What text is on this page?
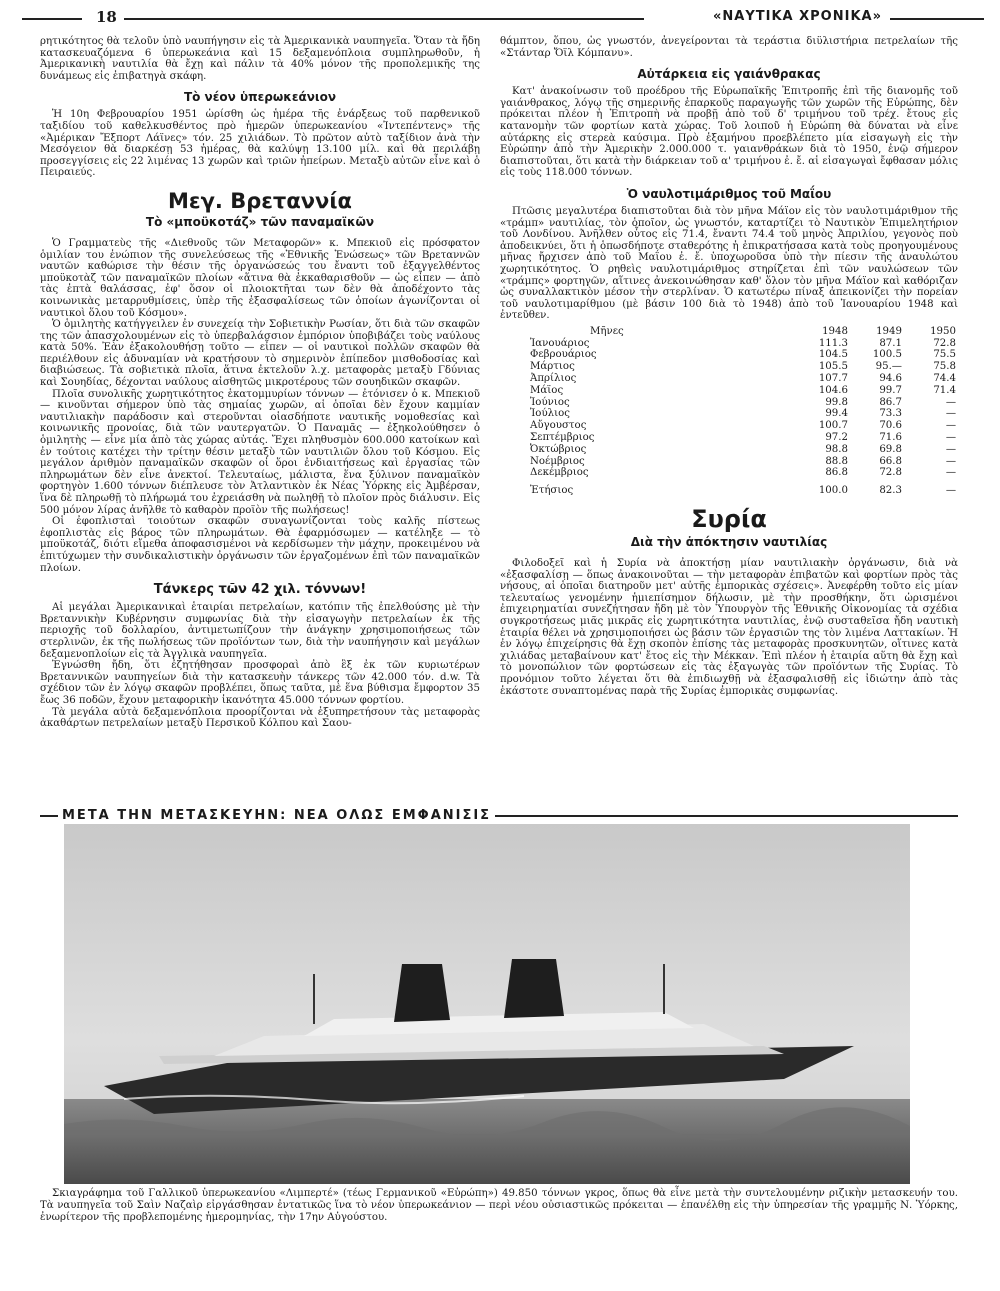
18	«ΝΑΥΤΙΚΑ ΧΡΟΝΙΚΑ»

ρητικότητος θὰ τελοῦν ὑπὸ ναυπήγησιν εἰς τὰ Ἀμερικανικὰ ναυπηγεῖα. Ὅταν τὰ ἤδη κατασκευαζόμενα 6 ὑπερωκεάνια καὶ 15 δεξαμενόπλοια συμπληρωθοῦν, ἡ Ἀμερικανικὴ ναυτιλία θὰ ἔχῃ καὶ πάλιν τὰ 40% μόνον τῆς προπολεμικῆς της δυνάμεως εἰς ἐπιβατηγὰ σκάφη.

Τὸ νέον ὑπερωκεάνιον

Ἡ 10η Φεβρουαρίου 1951 ὡρίσθη ὡς ἡμέρα τῆς ἐνάρξεως τοῦ παρθενικοῦ ταξιδίου τοῦ καθελκυσθέντος πρὸ ἡμερῶν ὑπερωκεανίου «Ἰντεπέντενς» τῆς «Ἀμέρικαν Ἔξπορτ Λάϊνες» τόν. 25 χιλιάδων. Τὸ πρῶτον αὐτὸ ταξίδιον ἀνὰ τὴν Μεσόγειον θὰ διαρκέσῃ 53 ἡμέρας, θὰ καλύψῃ 13.100 μίλ. καὶ θὰ περιλάβῃ προσεγγίσεις εἰς 22 λιμένας 13 χωρῶν καὶ τριῶν ἠπείρων. Μεταξὺ αὐτῶν εἶνε καὶ ὁ Πειραιεύς.

Μεγ. Βρεταννία
Τὸ «μποϋκοτάζ» τῶν παναμαϊκῶν

Ὁ Γραμματεὺς τῆς «Διεθνοῦς τῶν Μεταφορῶν» κ. Μπεκιοῦ εἰς πρόσφατον ὁμιλίαν του ἐνώπιον τῆς συνελεύσεως τῆς «Ἐθνικῆς Ἑνώσεως» τῶν Βρεταννῶν ναυτῶν καθώρισε τὴν θέσιν τῆς ὀργανώσεώς του ἔναντι τοῦ ἐξαγγελθέντος μποϋκοτὰζ τῶν παναμαϊκῶν πλοίων «ἅτινα θὰ ἐκκαθαρισθοῦν — ὡς εἶπεν — ἀπὸ τὰς ἑπτὰ θαλάσσας, ἐφ' ὅσον οἱ πλοιοκτῆται των δὲν θὰ ἀποδέχοντο τὰς κοινωνικὰς μεταρρυθμίσεις, ὑπὲρ τῆς ἐξασφαλίσεως τῶν ὁποίων ἀγωνίζονται οἱ ναυτικοὶ ὅλου τοῦ Κόσμου».

Ὁ ὁμιλητὴς κατήγγειλεν ἐν συνεχείᾳ τὴν Σοβιετικὴν Ρωσίαν, ὅτι διὰ τῶν σκαφῶν της τῶν ἀπασχολουμένων εἰς τὸ ὑπερβαλάσσιον ἐμπόριον ὑποβιβάζει τοὺς ναύλους κατὰ 50%. Ἐὰν ἐξακολουθήσῃ τοῦτο — εἶπεν — οἱ ναυτικοὶ πολλῶν σκαφῶν θὰ περιέλθουν εἰς ἀδυναμίαν νὰ κρατήσουν τὸ σημερινὸν ἐπίπεδον μισθοδοσίας καὶ διαβιώσεως. Τὰ σοβιετικὰ πλοῖα, ἅτινα ἐκτελοῦν λ.χ. μεταφορὰς μεταξὺ Γδύνιας καὶ Σουηδίας, δέχονται ναύλους αἰσθητῶς μικροτέρους τῶν σουηδικῶν σκαφῶν.

Πλοῖα συνολικῆς χωρητικότητος ἑκατομμυρίων τόννων — ἐτόνισεν ὁ κ. Μπεκιοῦ — κινοῦνται σήμερον ὑπὸ τὰς σημαίας χωρῶν, αἱ ὁποῖαι δὲν ἔχουν καμμίαν ναυτιλιακὴν παράδοσιν καὶ στεροῦνται οἱασδήποτε ναυτικῆς νομοθεσίας καὶ κοινωνικῆς προνοίας, διὰ τῶν ναυτεργατῶν. Ὁ Παναμᾶς — ἐξηκολούθησεν ὁ ὁμιλητὴς — εἶνε μία ἀπὸ τὰς χώρας αὐτάς. Ἔχει πληθυσμὸν 600.000 κατοίκων καὶ ἐν τούτοις κατέχει τὴν τρίτην θέσιν μεταξὺ τῶν ναυτιλιῶν ὅλου τοῦ Κόσμου. Εἰς μεγάλον ἀριθμὸν παναμαϊκῶν σκαφῶν οἱ ὅροι ἐνδιαιτήσεως καὶ ἐργασίας τῶν πληρωμάτων δὲν εἶνε ἀνεκτοί. Τελευταίως, μάλιστα, ἕνα ξύλινον παναμαϊκὸν φορτηγὸν 1.600 τόννων διέπλευσε τὸν Ἀτλαντικὸν ἐκ Νέας Ὑόρκης εἰς Ἀμβέρσαν, ἵνα δὲ πληρωθῇ τὸ πλήρωμά του ἐχρειάσθη νὰ πωληθῇ τὸ πλοῖον πρὸς διάλυσιν. Εἰς 500 μόνον λίρας ἀνῆλθε τὸ καθαρὸν προϊὸν τῆς πωλήσεως!

Οἱ ἐφοπλισταὶ τοιούτων σκαφῶν συναγωνίζονται τοὺς καλῆς πίστεως ἐφοπλιστὰς εἰς βάρος τῶν πληρωμάτων. Θὰ ἐφαρμόσωμεν — κατέληξε — τὸ μποϋκοτάζ, διότι εἴμεθα ἀποφασισμένοι νὰ κερδίσωμεν τὴν μάχην, προκειμένου νὰ ἐπιτύχωμεν τὴν συνδικαλιστικὴν ὀργάνωσιν τῶν ἐργαζομένων ἐπὶ τῶν παναμαϊκῶν πλοίων.

Τάνκερς τῶν 42 χιλ. τόννων!

Αἱ μεγάλαι Ἀμερικανικαὶ ἑταιρίαι πετρελαίων, κατόπιν τῆς ἐπελθούσης μὲ τὴν Βρεταννικὴν Κυβέρνησιν συμφωνίας διὰ τὴν εἰσαγωγὴν πετρελαίων ἐκ τῆς περιοχῆς τοῦ δολλαρίου, ἀντιμετωπίζουν τὴν ἀνάγκην χρησιμοποιήσεως τῶν στερλινῶν, ἐκ τῆς πωλήσεως τῶν προϊόντων των, διὰ τὴν ναυπήγησιν καὶ μεγάλων δεξαμενοπλοίων εἰς τὰ Ἀγγλικὰ ναυπηγεῖα.

Ἐγνώσθη ἤδη, ὅτι ἐζητήθησαν προσφοραὶ ἀπὸ ἓξ ἐκ τῶν κυριωτέρων Βρεταννικῶν ναυπηγείων διὰ τὴν κατασκευὴν τάνκερς τῶν 42.000 τόν. d.w. Τὰ σχέδιον τῶν ἐν λόγῳ σκαφῶν προβλέπει, ὅπως ταῦτα, μὲ ἕνα βύθισμα ἔμφορτον 35 ἔως 36 ποδῶν, ἔχουν μεταφορικὴν ἱκανότητα 45.000 τόννων φορτίου.

Τὰ μεγάλα αὐτὰ δεξαμενόπλοια προορίζονται νὰ ἐξυπηρετήσουν τὰς μεταφορὰς ἀκαθάρτων πετρελαίων μεταξὺ Περσικοῦ Κόλπου καὶ Σαου-

θάμπτον, ὅπου, ὡς γνωστόν, ἀνεγείρονται τὰ τεράστια διϋλιστήρια πετρελαίων τῆς «Στάνταρ Ὄϊλ Κόμπανυ».

Αὐτάρκεια εἰς γαιάνθρακας

Κατ' ἀνακοίνωσιν τοῦ προέδρου τῆς Εὐρωπαϊκῆς Ἐπιτροπῆς ἐπὶ τῆς διανομῆς τοῦ γαιάνθρακος, λόγῳ τῆς σημερινῆς ἐπαρκοῦς παραγωγῆς τῶν χωρῶν τῆς Εὐρώπης, δὲν πρόκειται πλέον ἡ Ἐπιτροπὴ νὰ προβῇ ἀπὸ τοῦ δ' τριμήνου τοῦ τρέχ. ἔτους εἰς κατανομὴν τῶν φορτίων κατὰ χώρας. Τοῦ λοιποῦ ἡ Εὐρώπη θὰ δύναται νὰ εἶνε αὐτάρκης εἰς στερεὰ καύσιμα. Πρὸ ἑξαμήνου προεβλέπετο μία εἰσαγωγὴ εἰς τὴν Εὐρώπην ἀπὸ τὴν Ἀμερικὴν 2.000.000 τ. γαιανθράκων διὰ τὸ 1950, ἐνῷ σήμερον διαπιστοῦται, ὅτι κατὰ τὴν διάρκειαν τοῦ α' τριμήνου ἐ. ἔ. αἱ εἰσαγωγαὶ ἔφθασαν μόλις εἰς τοὺς 118.000 τόννων.

Ὁ ναυλοτιμάριθμος τοῦ Μαΐου

Πτῶσις μεγαλυτέρα διαπιστοῦται διὰ τὸν μῆνα Μάϊον εἰς τὸν ναυλοτιμάριθμον τῆς «τράμπ» ναυτιλίας, τὸν ὁποῖον, ὡς γνωστόν, καταρτίζει τὸ Ναυτικὸν Ἐπιμελητήριον τοῦ Λονδίνου. Ἀνῆλθεν οὗτος εἰς 71.4, ἔναντι 74.4 τοῦ μηνὸς Ἀπριλίου, γεγονὸς ποὺ ἀποδεικνύει, ὅτι ἡ ὁπωσδήποτε σταθερότης ἡ ἐπικρατήσασα κατὰ τοὺς προηγουμένους μῆνας ἤρχισεν ἀπὸ τοῦ Μαΐου ἐ. ἔ. ὑποχωροῦσα ὑπὸ τὴν πίεσιν τῆς ἀναυλώτου χωρητικότητος. Ὁ ρηθεὶς ναυλοτιμάριθμος στηρίζεται ἐπὶ τῶν ναυλώσεων τῶν «τράμπς» φορτηγῶν, αἵτινες ἀνεκοινώθησαν καθ' ὅλον τὸν μῆνα Μάϊον καὶ καθόριζαν ὡς συναλλακτικὸν μέσον τὴν στερλίναν. Ὁ κατωτέρω πίναξ ἀπεικονίζει τὴν πορείαν τοῦ ναυλοτιμαρίθμου (μὲ βάσιν 100 διὰ τὸ 1948) ἀπὸ τοῦ Ἰανουαρίου 1948 καὶ ἐντεῦθεν.

Μῆνες	1948	1949	1950
Ἰανουάριος	111.3	87.1	72.8
Φεβρουάριος	104.5	100.5	75.5
Μάρτιος	105.5	95.—	75.8
Ἀπρίλιος	107.7	94.6	74.4
Μάϊος	104.6	99.7	71.4
Ἰούνιος	99.8	86.7	—
Ἰούλιος	99.4	73.3	—
Αὔγουστος	100.7	70.6	—
Σεπτέμβριος	97.2	71.6	—
Ὀκτώβριος	98.8	69.8	—
Νοέμβριος	88.8	66.8	—
Δεκέμβριος	86.8	72.8	—
Ἐτήσιος	100.0	82.3	—
Συρία
Διὰ τὴν ἀπόκτησιν ναυτιλίας

Φιλοδοξεῖ καὶ ἡ Συρία νὰ ἀποκτήσῃ μίαν ναυτιλιακὴν ὀργάνωσιν, διὰ νὰ «ἐξασφαλίσῃ — ὅπως ἀνακοινοῦται — τὴν μεταφορὰν ἐπιβατῶν καὶ φορτίων πρὸς τὰς νήσους, αἱ ὁποῖαι διατηροῦν μετ' αὐτῆς ἐμπορικὰς σχέσεις». Ἀνεφέρθη τοῦτο εἰς μίαν τελευταίως γενομένην ἡμιεπίσημον δήλωσιν, μὲ τὴν προσθήκην, ὅτι ὡρισμένοι ἐπιχειρηματίαι συνεζήτησαν ἤδη μὲ τὸν Ὑπουργὸν τῆς Ἐθνικῆς Οἰκονομίας τὰ σχέδια συγκροτήσεως μιᾶς μικρᾶς εἰς χωρητικότητα ναυτιλίας, ἐνῷ συσταθεῖσα ἤδη ναυτικὴ ἑταιρία θέλει νὰ χρησιμοποιήσει ὡς βάσιν τῶν ἐργασιῶν της τὸν λιμένα Λαττακίων. Ἡ ἐν λόγῳ ἐπιχείρησις θὰ ἔχῃ σκοπὸν ἐπίσης τὰς μεταφορὰς προσκυνητῶν, οἵτινες κατὰ χιλιάδας μεταβαίνουν κατ' ἔτος εἰς τὴν Μέκκαν. Ἐπὶ πλέον ἡ ἑταιρία αὕτη θὰ ἔχῃ καὶ τὸ μονοπώλιον τῶν φορτώσεων εἰς τὰς ἐξαγωγὰς τῶν προϊόντων τῆς Συρίας. Τὸ προνόμιον τοῦτο λέγεται ὅτι θὰ ἐπιδιωχθῇ νὰ ἐξασφαλισθῇ εἰς ἰδιώτην ἀπὸ τὰς ἑκάστοτε συναπτομένας παρὰ τῆς Συρίας ἐμπορικὰς συμφωνίας.

ΜΕΤΑ ΤΗΝ ΜΕΤΑΣΚΕΥΗΝ: ΝΕΑ ΟΛΩΣ ΕΜΦΑΝΙΣΙΣ
Σκιαγράφημα τοῦ Γαλλικοῦ ὑπερωκεανίου «Λιμπερτέ» (τέως Γερμανικοῦ «Εὐρώπη») 49.850 τόννων γκρος, ὅπως θὰ εἶνε μετὰ τὴν συντελουμένην ριζικὴν μετασκευήν του. Τὰ ναυπηγεῖα τοῦ Σαὶν Ναζαὶρ εἰργάσθησαν ἐντατικῶς ἵνα τὸ νέον ὑπερωκεάνιον — περὶ νέου οὐσιαστικῶς πρόκειται — ἐπανέλθῃ εἰς τὴν ὑπηρεσίαν τῆς γραμμῆς Ν. Ὑόρκης, ἐνωρίτερον τῆς προβλεπομένης ἡμερομηνίας, τὴν 17ην Αὐγούστου.
